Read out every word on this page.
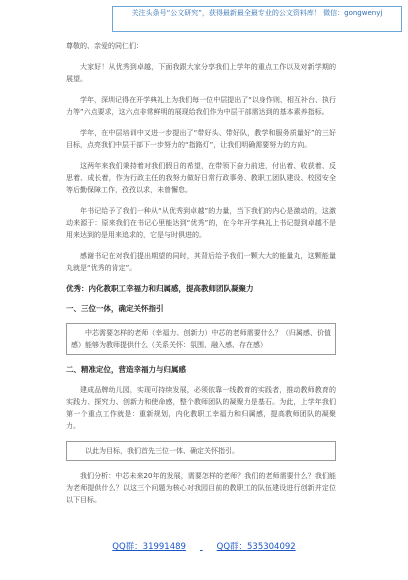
关注头条号“公文研究”，获得最新最全最专业的公文资料库！ 微信：gongwenyj
尊敬的、亲爱的同仁们：
大家好！从优秀到卓越，下面我跟大家分享我们上学年的重点工作以及对新学期的展望。
学年，深圳记得在开学典礼上为我们每一位中层提出了“以身作则、相互补台、执行力等”六点要求，这六点非常鲜明的展现给我们作为中层干部需达到的基本素养指标。
学年，在中层培训中又进一步提出了“带好头、带好队，教学和服务质量好”的三好目标，点亮我们中层干部下一步努力的“指路灯”，让我们明确需要努力的方向。
这两年来我们秉持着对我们假日的希望，在带领下奋力前进，付出着、收获着、反思着、成长着，作为行政主任的我努力做好日常行政事务、教职工团队建设、校园安全等后勤保障工作，孜孜以求，未曾懈怠。
年书记给予了我们一种从“从优秀到卓越”的力量，当下我们的内心是激动的，这激动来源于：原来我们在书记心里能达到“优秀”的，在今年开学典礼上书记提到卓越不是用来达到的是用来追求的，它是与时俱进的。
感谢书记在对我们提出期望的同时，其背后给予我们一颗大大的能量丸，这颗能量丸就是“优秀的肯定”。
优秀：内化教职工幸福力和归属感，提高教师团队凝聚力
一、三位一体，确定关怀指引
中芯需要怎样的老师（幸福力、创新力）中芯的老师需要什么？（归属感、价值感）能够为教师提供什么（关系关怀：氛围、融入感、存在感）
二、精准定位，营造幸福力与归属感
建成品牌幼儿园，实现可持续发展，必须依靠一线教育的实践者，推动教师教育的实践力、探究力、创新力和使命感，整个教师团队的凝聚力是基石。为此，上学年我们第一个重点工作就是：重新规划，内化教职工幸福力和归属感，提高教师团队的凝聚力。
以此为目标，我们首先三位一体、确定关怀指引。
我们分析：中芯未来20年的发展，需要怎样的老师？我们的老师需要什么？我们能为老师提供什么？以这三个问题为核心对我园目前的教职工的队伍建设进行创新并定位以下目标。
QQ群：31991489	QQ群：535304092
